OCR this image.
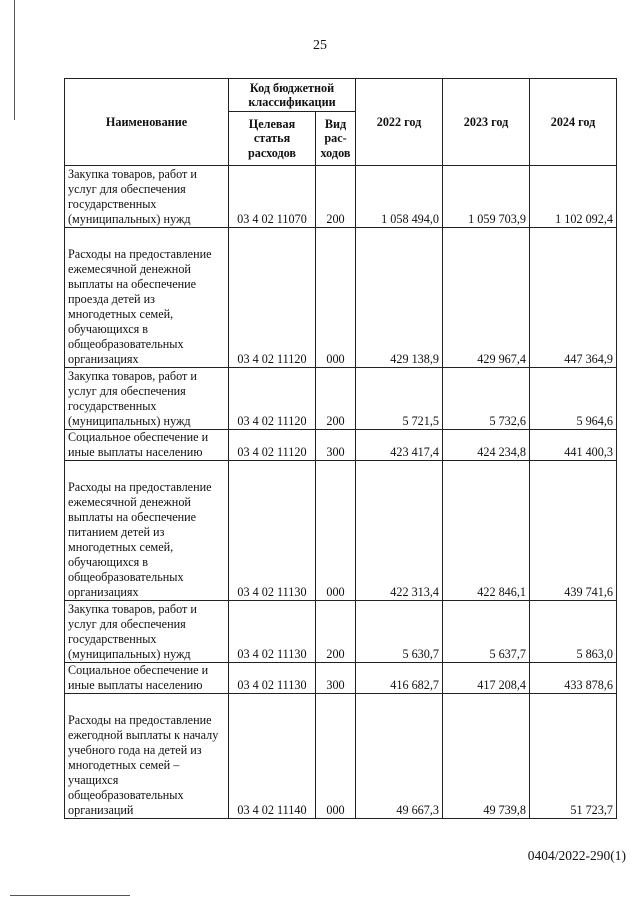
25
Наименование	Код бюджетной классификации		2022 год	2023 год	2024 год
	Целевая статья расходов	Вид рас-ходов			
Закупка товаров, работ и услуг для обеспечения государственных (муниципальных) нужд	03 4 02 11070	200	1 058 494,0	1 059 703,9	1 102 092,4
Расходы на предоставление ежемесячной денежной выплаты на обеспечение проезда детей из многодетных семей, обучающихся в общеобразовательных организациях	03 4 02 11120	000	429 138,9	429 967,4	447 364,9
Закупка товаров, работ и услуг для обеспечения государственных (муниципальных) нужд	03 4 02 11120	200	5 721,5	5 732,6	5 964,6
Социальное обеспечение и иные выплаты населению	03 4 02 11120	300	423 417,4	424 234,8	441 400,3
Расходы на предоставление ежемесячной денежной выплаты на обеспечение питанием детей из многодетных семей, обучающихся в общеобразовательных организациях	03 4 02 11130	000	422 313,4	422 846,1	439 741,6
Закупка товаров, работ и услуг для обеспечения государственных (муниципальных) нужд	03 4 02 11130	200	5 630,7	5 637,7	5 863,0
Социальное обеспечение и иные выплаты населению	03 4 02 11130	300	416 682,7	417 208,4	433 878,6
Расходы на предоставление ежегодной выплаты к началу учебного года на детей из многодетных семей – учащихся общеобразовательных организаций	03 4 02 11140	000	49 667,3	49 739,8	51 723,7
0404/2022-290(1)
